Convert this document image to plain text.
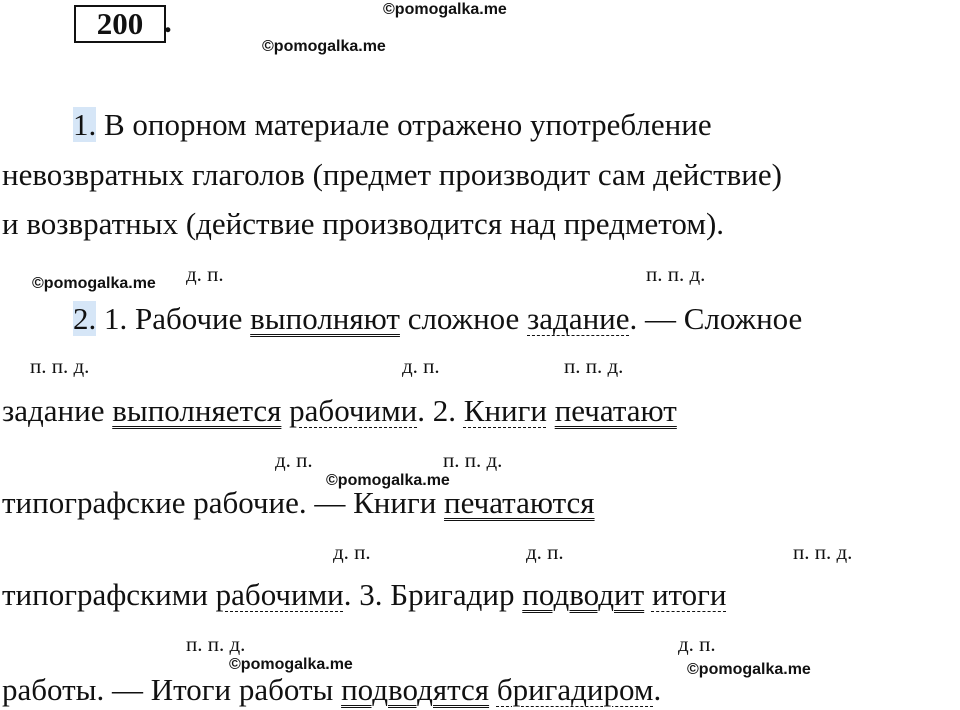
200 .	©pomogalka.me
©pomogalka.me
©pomogalka.me
©pomogalka.me
©pomogalka.me	©pomogalka.me
1. В опорном материале отражено употребление
невозвратных глаголов (предмет производит сам действие)
и возвратных (действие производится над предметом).
д. п.	п. п. д.
2. 1. Рабочие выполняют сложное задание. — Сложное
п. п. д.	д. п.	п. п. д.
задание выполняется рабочими. 2. Книги печатают
д. п.	п. п. д.
типографские рабочие. — Книги печатаются
д. п.	д. п.	п. п. д.
типографскими рабочими. 3. Бригадир подводит итоги
п. п. д.	д. п.
работы. — Итоги работы подводятся бригадиром.
